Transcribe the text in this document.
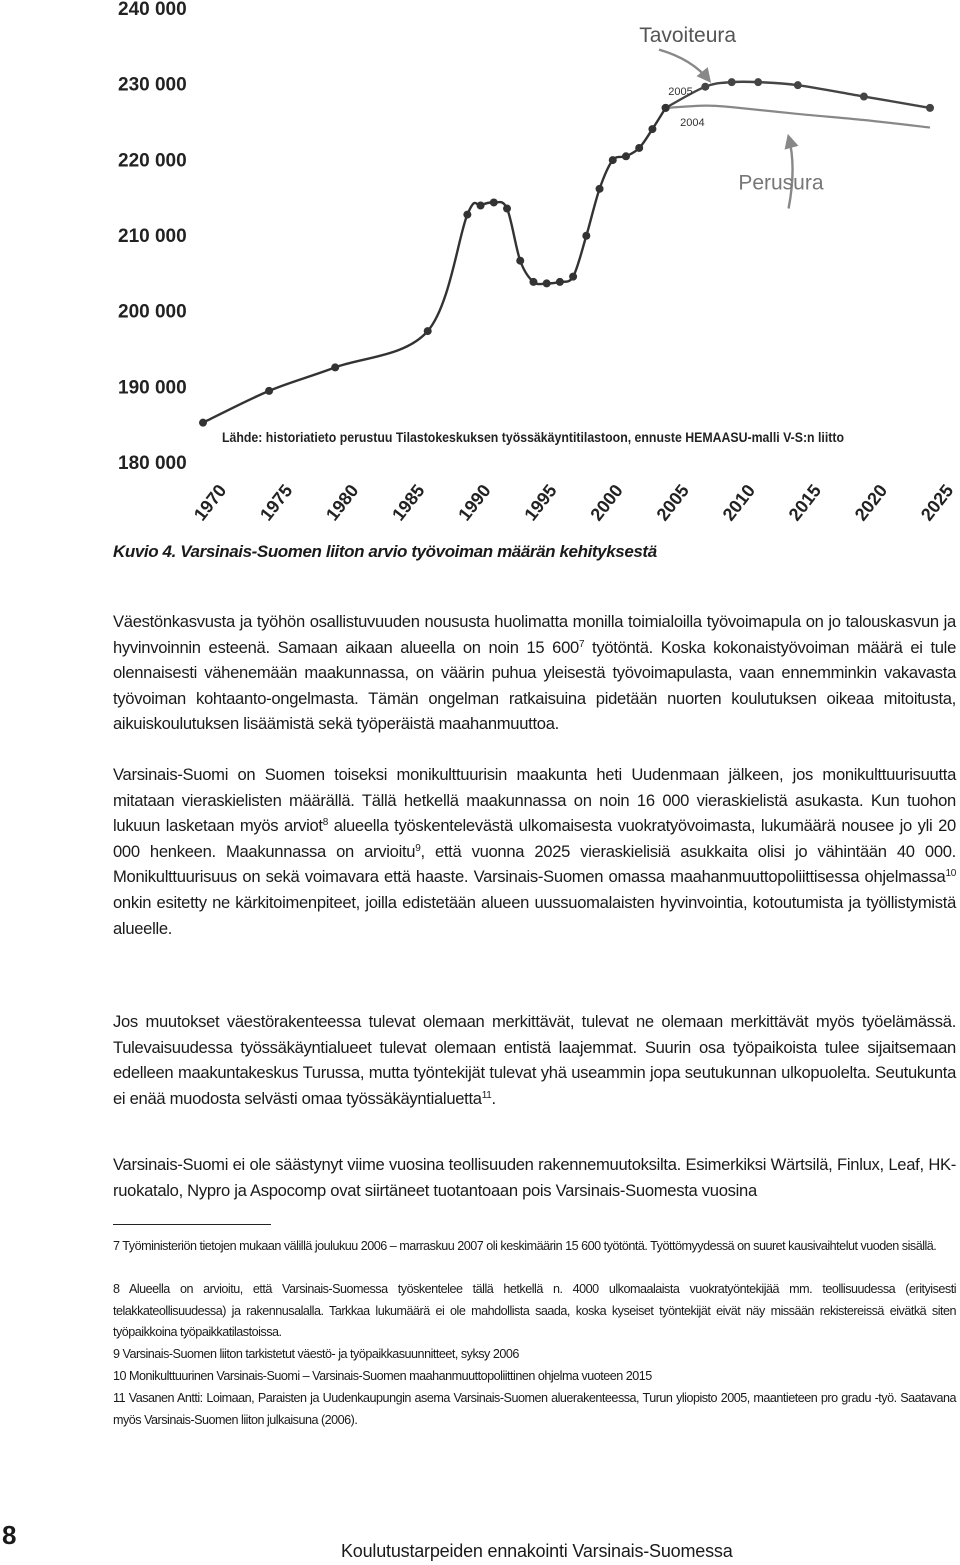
180 000
190 000
200 000
210 000
220 000
230 000
240 000
1970 1975 1980 1985 1990 1995 2000 2005 2010 2015 2020 2025
Tavoiteura
2005
2004
Perusura
Lähde: historiatieto perustuu Tilastokeskuksen työssäkäyntitilastoon, ennuste HEMAASU-malli V-S:n liitto

Kuvio 4. Varsinais-Suomen liiton arvio työvoiman määrän kehityksestä

Väestönkasvusta ja työhön osallistuvuuden noususta huolimatta monilla toimialoilla työvoimapula on jo talouskasvun ja hyvinvoinnin esteenä. Samaan aikaan alueella on noin 15 $600^7$ työtöntä. Koska kokonaistyövoiman määrä ei tule olennaisesti vähenemään maakunnassa, on väärin puhua yleisestä työvoimapulasta, vaan ennemminkin vakavasta työvoiman kohtaanto-ongelmasta. Tämän ongelman ratkaisuina pidetään nuorten koulutuksen oikeaa mitoitusta, aikuiskoulutuksen lisäämistä sekä työperäistä maahanmuuttoa.

Varsinais-Suomi on Suomen toiseksi monikulttuurisin maakunta heti Uudenmaan jälkeen, jos monikulttuurisuutta mitataan vieraskielisten määrällä. Tällä hetkellä maakunnassa on noin 16 000 vieraskielistä asukasta. Kun tuohon lukuun lasketaan myös arviot$^8$ alueella työskentelevästä ulkomaisesta vuokratyövoimasta, lukumäärä nousee jo yli 20 000 henkeen. Maakunnassa on arvioitu$^9$, että vuonna 2025 vieraskielisiä asukkaita olisi jo vähintään 40 000. Monikulttuurisuus on sekä voimavara että haaste. Varsinais-Suomen omassa maahanmuuttopoliittisessa ohjelmassa$^{10}$ onkin esitetty ne kärkitoimenpiteet, joilla edistetään alueen uussuomalaisten hyvinvointia, kotoutumista ja työllistymistä alueelle.

Jos muutokset väestörakenteessa tulevat olemaan merkittävät, tulevat ne olemaan merkittävät myös työelämässä. Tulevaisuudessa työssäkäyntialueet tulevat olemaan entistä laajemmat. Suurin osa työpaikoista tulee sijaitsemaan edelleen maakuntakeskus Turussa, mutta työntekijät tulevat yhä useammin jopa seutukunnan ulkopuolelta. Seutukunta ei enää muodosta selvästi omaa työssäkäyntialuetta$^{11}$.

Varsinais-Suomi ei ole säästynyt viime vuosina teollisuuden rakennemuutoksilta. Esimerkiksi Wärtsilä, Finlux, Leaf, HK-ruokatalo, Nypro ja Aspocomp ovat siirtäneet tuotantoaan pois Varsinais-Suomesta vuosina

7 Työministeriön tietojen mukaan välillä joulukuu 2006 – marraskuu 2007 oli keskimäärin 15 600 työtöntä. Työttömyydessä on suuret kausivaihtelut vuoden sisällä.

8 Alueella on arvioitu, että Varsinais-Suomessa työskentelee tällä hetkellä n. 4000 ulkomaalaista vuokratyöntekijää mm. teollisuudessa (erityisesti telakkateollisuudessa) ja rakennusalalla. Tarkkaa lukumäärä ei ole mahdollista saada, koska kyseiset työntekijät eivät näy missään rekistereissä eivätkä siten työpaikkoina työpaikkatilastoissa.

9 Varsinais-Suomen liiton tarkistetut väestö- ja työpaikkasuunnitteet, syksy 2006

10 Monikulttuurinen Varsinais-Suomi – Varsinais-Suomen maahanmuuttopoliittinen ohjelma vuoteen 2015

11 Vasanen Antti: Loimaan, Paraisten ja Uudenkaupungin asema Varsinais-Suomen aluerakenteessa, Turun yliopisto 2005, maantieteen pro gradu -työ. Saatavana myös Varsinais-Suomen liiton julkaisuna (2006).

8

Koulutustarpeiden ennakointi Varsinais-Suomessa
